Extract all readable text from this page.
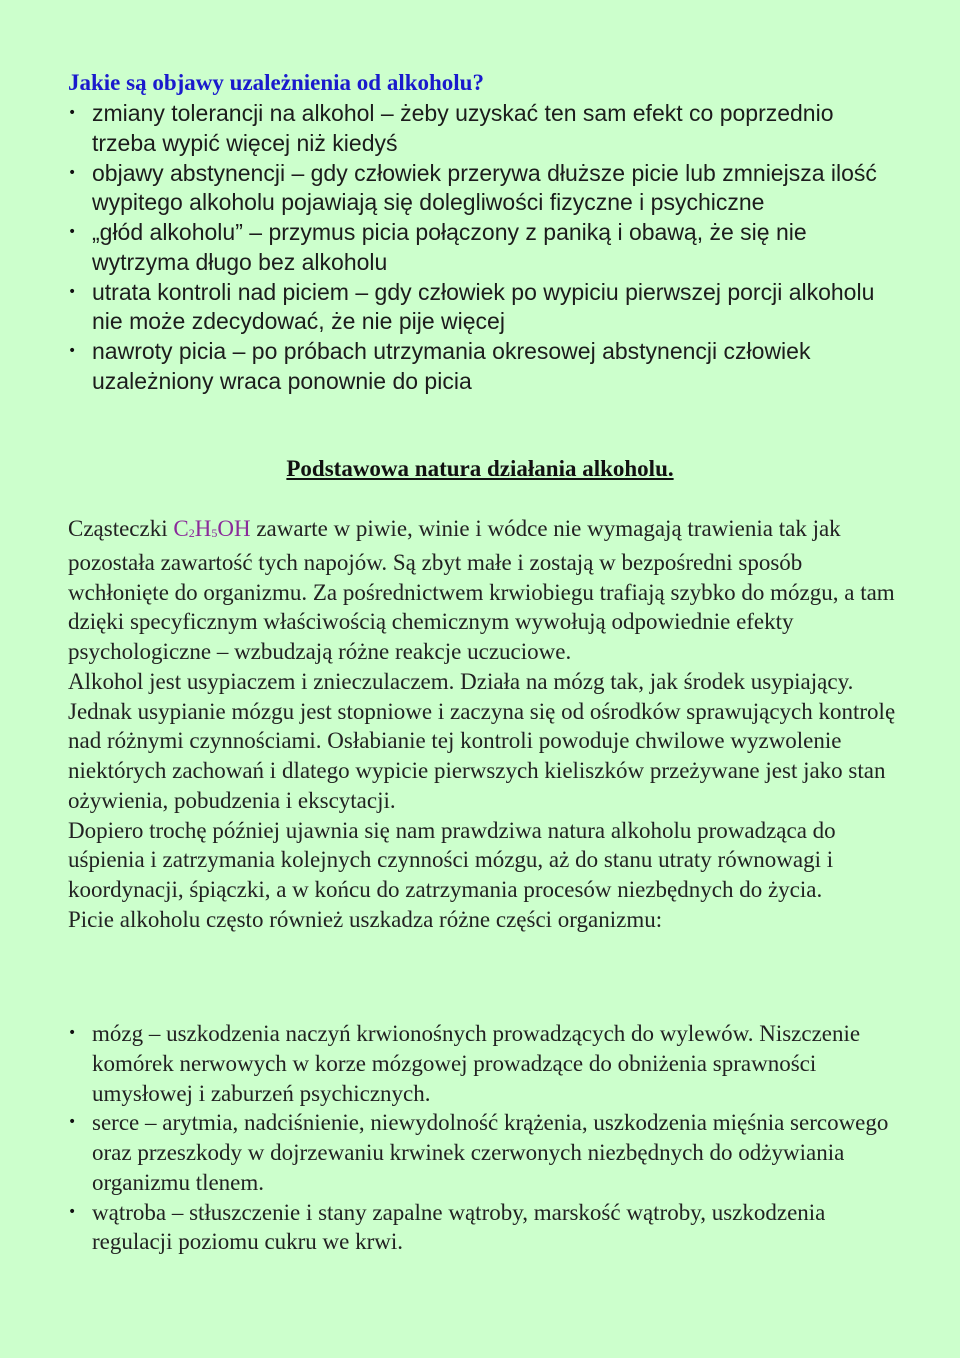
Jakie są objawy uzależnienia od alkoholu?
• zmiany tolerancji na alkohol – żeby uzyskać ten sam efekt co poprzednio trzeba wypić więcej niż kiedyś
• objawy abstynencji – gdy człowiek przerywa dłuższe picie lub zmniejsza ilość wypitego alkoholu pojawiają się dolegliwości fizyczne i psychiczne
• „głód alkoholu” – przymus picia połączony z paniką i obawą, że się nie wytrzyma długo bez alkoholu
• utrata kontroli nad piciem – gdy człowiek po wypiciu pierwszej porcji alkoholu nie może zdecydować, że nie pije więcej
• nawroty picia – po próbach utrzymania okresowej abstynencji człowiek uzależniony wraca ponownie do picia
Podstawowa natura działania alkoholu.

Cząsteczki $C_2H_5OH$ zawarte w piwie, winie i wódce nie wymagają trawienia tak jak pozostała zawartość tych napojów. Są zbyt małe i zostają w bezpośredni sposób wchłonięte do organizmu. Za pośrednictwem krwiobiegu trafiają szybko do mózgu, a tam dzięki specyficznym właściwością chemicznym wywołują odpowiednie efekty psychologiczne – wzbudzają różne reakcje uczuciowe.

Alkohol jest usypiaczem i znieczulaczem. Działa na mózg tak, jak środek usypiający. Jednak usypianie mózgu jest stopniowe i zaczyna się od ośrodków sprawujących kontrolę nad różnymi czynnościami. Osłabianie tej kontroli powoduje chwilowe wyzwolenie niektórych zachowań i dlatego wypicie pierwszych kieliszków przeżywane jest jako stan ożywienia, pobudzenia i ekscytacji.

Dopiero trochę później ujawnia się nam prawdziwa natura alkoholu prowadząca do uśpienia i zatrzymania kolejnych czynności mózgu, aż do stanu utraty równowagi i koordynacji, śpiączki, a w końcu do zatrzymania procesów niezbędnych do życia.

Picie alkoholu często również uszkadza różne części organizmu:

• mózg – uszkodzenia naczyń krwionośnych prowadzących do wylewów. Niszczenie komórek nerwowych w korze mózgowej prowadzące do obniżenia sprawności umysłowej i zaburzeń psychicznych.
• serce – arytmia, nadciśnienie, niewydolność krążenia, uszkodzenia mięśnia sercowego oraz przeszkody w dojrzewaniu krwinek czerwonych niezbędnych do odżywiania organizmu tlenem.
• wątroba – stłuszczenie i stany zapalne wątroby, marskość wątroby, uszkodzenia regulacji poziomu cukru we krwi.
